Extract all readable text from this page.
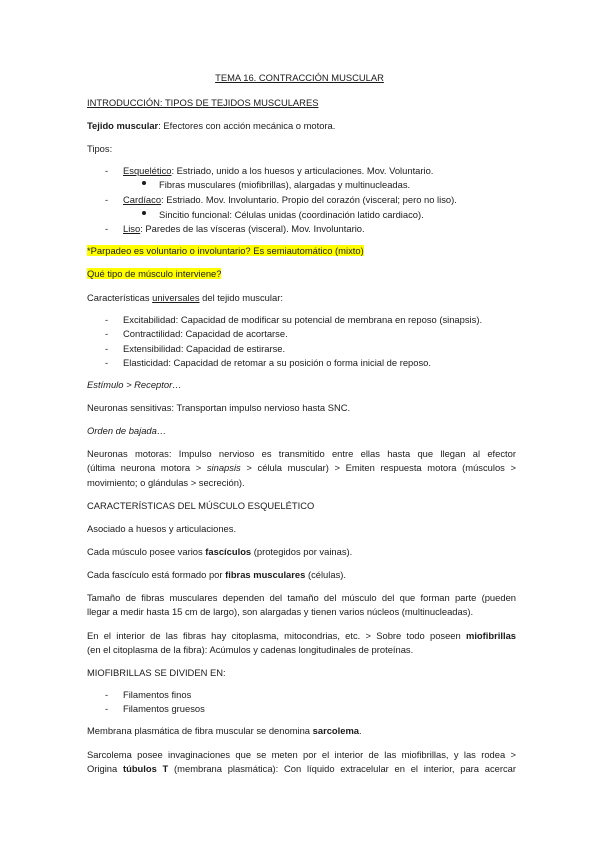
TEMA 16. CONTRACCIÓN MUSCULAR
INTRODUCCIÓN: TIPOS DE TEJIDOS MUSCULARES
Tejido muscular: Efectores con acción mecánica o motora.
Tipos:
- Esquelético: Estriado, unido a los huesos y articulaciones. Mov. Voluntario.
Fibras musculares (miofibrillas), alargadas y multinucleadas.
- Cardíaco: Estriado. Mov. Involuntario. Propio del corazón (visceral; pero no liso).
Sincitio funcional: Células unidas (coordinación latido cardiaco).
- Liso: Paredes de las vísceras (visceral). Mov. Involuntario.
*Parpadeo es voluntario o involuntario? Es semiautomático (mixto)
Qué tipo de músculo interviene?
Características universales del tejido muscular:
- Excitabilidad: Capacidad de modificar su potencial de membrana en reposo (sinapsis).
- Contractilidad: Capacidad de acortarse.
- Extensibilidad: Capacidad de estirarse.
- Elasticidad: Capacidad de retomar a su posición o forma inicial de reposo.
Estímulo > Receptor…
Neuronas sensitivas: Transportan impulso nervioso hasta SNC.
Orden de bajada…
Neuronas motoras: Impulso nervioso es transmitido entre ellas hasta que llegan al efector
(última neurona motora > sinapsis > célula muscular) > Emiten respuesta motora (músculos >
movimiento; o glándulas > secreción).
CARACTERÍSTICAS DEL MÚSCULO ESQUELÉTICO
Asociado a huesos y articulaciones.
Cada músculo posee varios fascículos (protegidos por vainas).
Cada fascículo está formado por fibras musculares (células).
Tamaño de fibras musculares dependen del tamaño del músculo del que forman parte (pueden
llegar a medir hasta 15 cm de largo), son alargadas y tienen varios núcleos (multinucleadas).
En el interior de las fibras hay citoplasma, mitocondrias, etc. > Sobre todo poseen miofibrillas
(en el citoplasma de la fibra): Acúmulos y cadenas longitudinales de proteínas.
MIOFIBRILLAS SE DIVIDEN EN:
- Filamentos finos
- Filamentos gruesos
Membrana plasmática de fibra muscular se denomina sarcolema.
Sarcolema posee invaginaciones que se meten por el interior de las miofibrillas, y las rodea >
Origina túbulos T (membrana plasmática): Con líquido extracelular en el interior, para acercar
